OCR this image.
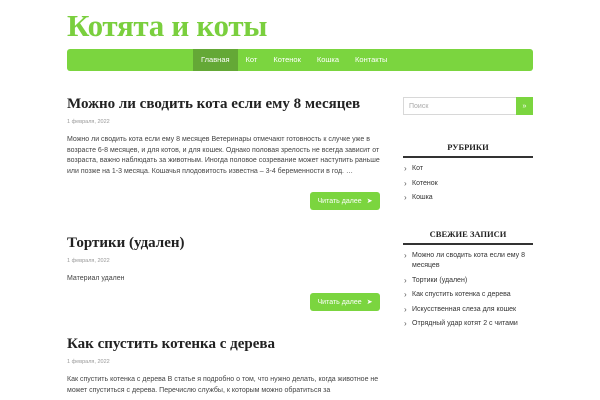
Котята и коты
Главная	Кот	Котенок	Кошка	Контакты
Можно ли сводить кота если ему 8 месяцев
1 февраля, 2022

Можно ли сводить кота если ему 8 месяцев Ветеринары отмечают готовность к случке уже в возрасте 6-8 месяцев, и для котов, и для кошек. Однако половая зрелость не всегда зависит от возраста, важно наблюдать за животным. Иногда половое созревание может наступить раньше или позже на 1-3 месяца. Кошачья плодовитость известна – 3-4 беременности в год. …

Читать далее ➤
Тортики (удален)
1 февраля, 2022

Материал удален

Читать далее ➤
Как спустить котенка с дерева
1 февраля, 2022

Как спустить котенка с дерева В статье я подробно о том, что нужно делать, когда животное не может спуститься с дерева. Перечислю службы, к которым можно обратиться за

Поиск
»
РУБРИКИ
› Кот
› Котенок
› Кошка
СВЕЖИЕ ЗАПИСИ
› Можно ли сводить кота если ему 8 месяцев
› Тортики (удален)
› Как спустить котенка с дерева
› Искусственная слеза для кошек
› Отрядный удар котят 2 с читами
